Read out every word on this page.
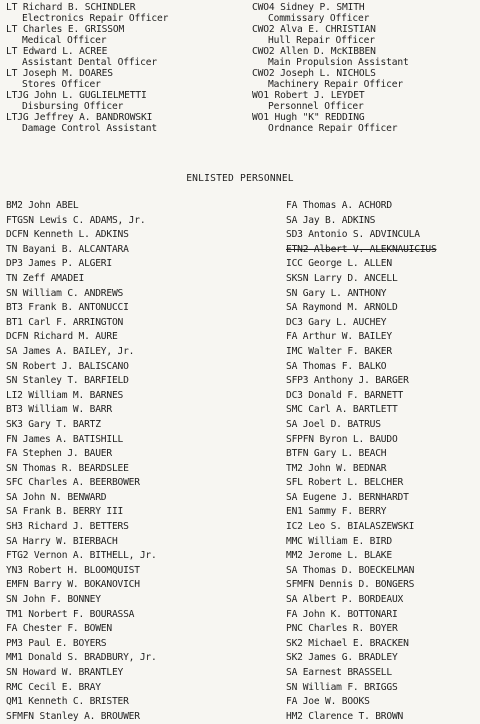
LT Richard B. SCHINDLER
Electronics Repair Officer
LT Charles E. GRISSOM
Medical Officer
LT Edward L. ACREE
Assistant Dental Officer
LT Joseph M. DOARES
Stores Officer
LTJG John L. GUGLIELMETTI
Disbursing Officer
LTJG Jeffrey A. BANDROWSKI
Damage Control Assistant
CWO4 Sidney P. SMITH
Commissary Officer
CWO2 Alva E. CHRISTIAN
Hull Repair Officer
CWO2 Allen D. McKIBBEN
Main Propulsion Assistant
CWO2 Joseph L. NICHOLS
Machinery Repair Officer
WO1 Robert J. LEYDET
Personnel Officer
WO1 Hugh "K" REDDING
Ordnance Repair Officer
ENLISTED PERSONNEL
BM2 John ABEL
FTGSN Lewis C. ADAMS, Jr.
DCFN Kenneth L. ADKINS
TN Bayani B. ALCANTARA
DP3 James P. ALGERI
TN Zeff AMADEI
SN William C. ANDREWS
BT3 Frank B. ANTONUCCI
BT1 Carl F. ARRINGTON
DCFN Richard M. AURE
SA James A. BAILEY, Jr.
SN Robert J. BALISCANO
SN Stanley T. BARFIELD
LI2 William M. BARNES
BT3 William W. BARR
SK3 Gary T. BARTZ
FN James A. BATISHILL
FA Stephen J. BAUER
SN Thomas R. BEARDSLEE
SFC Charles A. BEERBOWER
SA John N. BENWARD
SA Frank B. BERRY III
SH3 Richard J. BETTERS
SA Harry W. BIERBACH
FTG2 Vernon A. BITHELL, Jr.
YN3 Robert H. BLOOMQUIST
EMFN Barry W. BOKANOVICH
SN John F. BONNEY
TM1 Norbert F. BOURASSA
FA Chester F. BOWEN
PM3 Paul E. BOYERS
MM1 Donald S. BRADBURY, Jr.
SN Howard W. BRANTLEY
RMC Cecil E. BRAY
QM1 Kenneth C. BRISTER
SFMFN Stanley A. BROUWER
FA Thomas A. ACHORD
SA Jay B. ADKINS
SD3 Antonio S. ADVINCULA
ETN2 Albert V. ALEKNAUICIUS
ICC George L. ALLEN
SKSN Larry D. ANCELL
SN Gary L. ANTHONY
SA Raymond M. ARNOLD
DC3 Gary L. AUCHEY
FA Arthur W. BAILEY
IMC Walter F. BAKER
SA Thomas F. BALKO
SFP3 Anthony J. BARGER
DC3 Donald F. BARNETT
SMC Carl A. BARTLETT
SA Joel D. BATRUS
SFPFN Byron L. BAUDO
BTFN Gary L. BEACH
TM2 John W. BEDNAR
SFL Robert L. BELCHER
SA Eugene J. BERNHARDT
EN1 Sammy F. BERRY
IC2 Leo S. BIALASZEWSKI
MMC William E. BIRD
MM2 Jerome L. BLAKE
SA Thomas D. BOECKELMAN
SFMFN Dennis D. BONGERS
SA Albert P. BORDEAUX
FA John K. BOTTONARI
PNC Charles R. BOYER
SK2 Michael E. BRACKEN
SK2 James G. BRADLEY
SA Earnest BRASSELL
SN William F. BRIGGS
FA Joe W. BOOKS
HM2 Clarence T. BROWN
